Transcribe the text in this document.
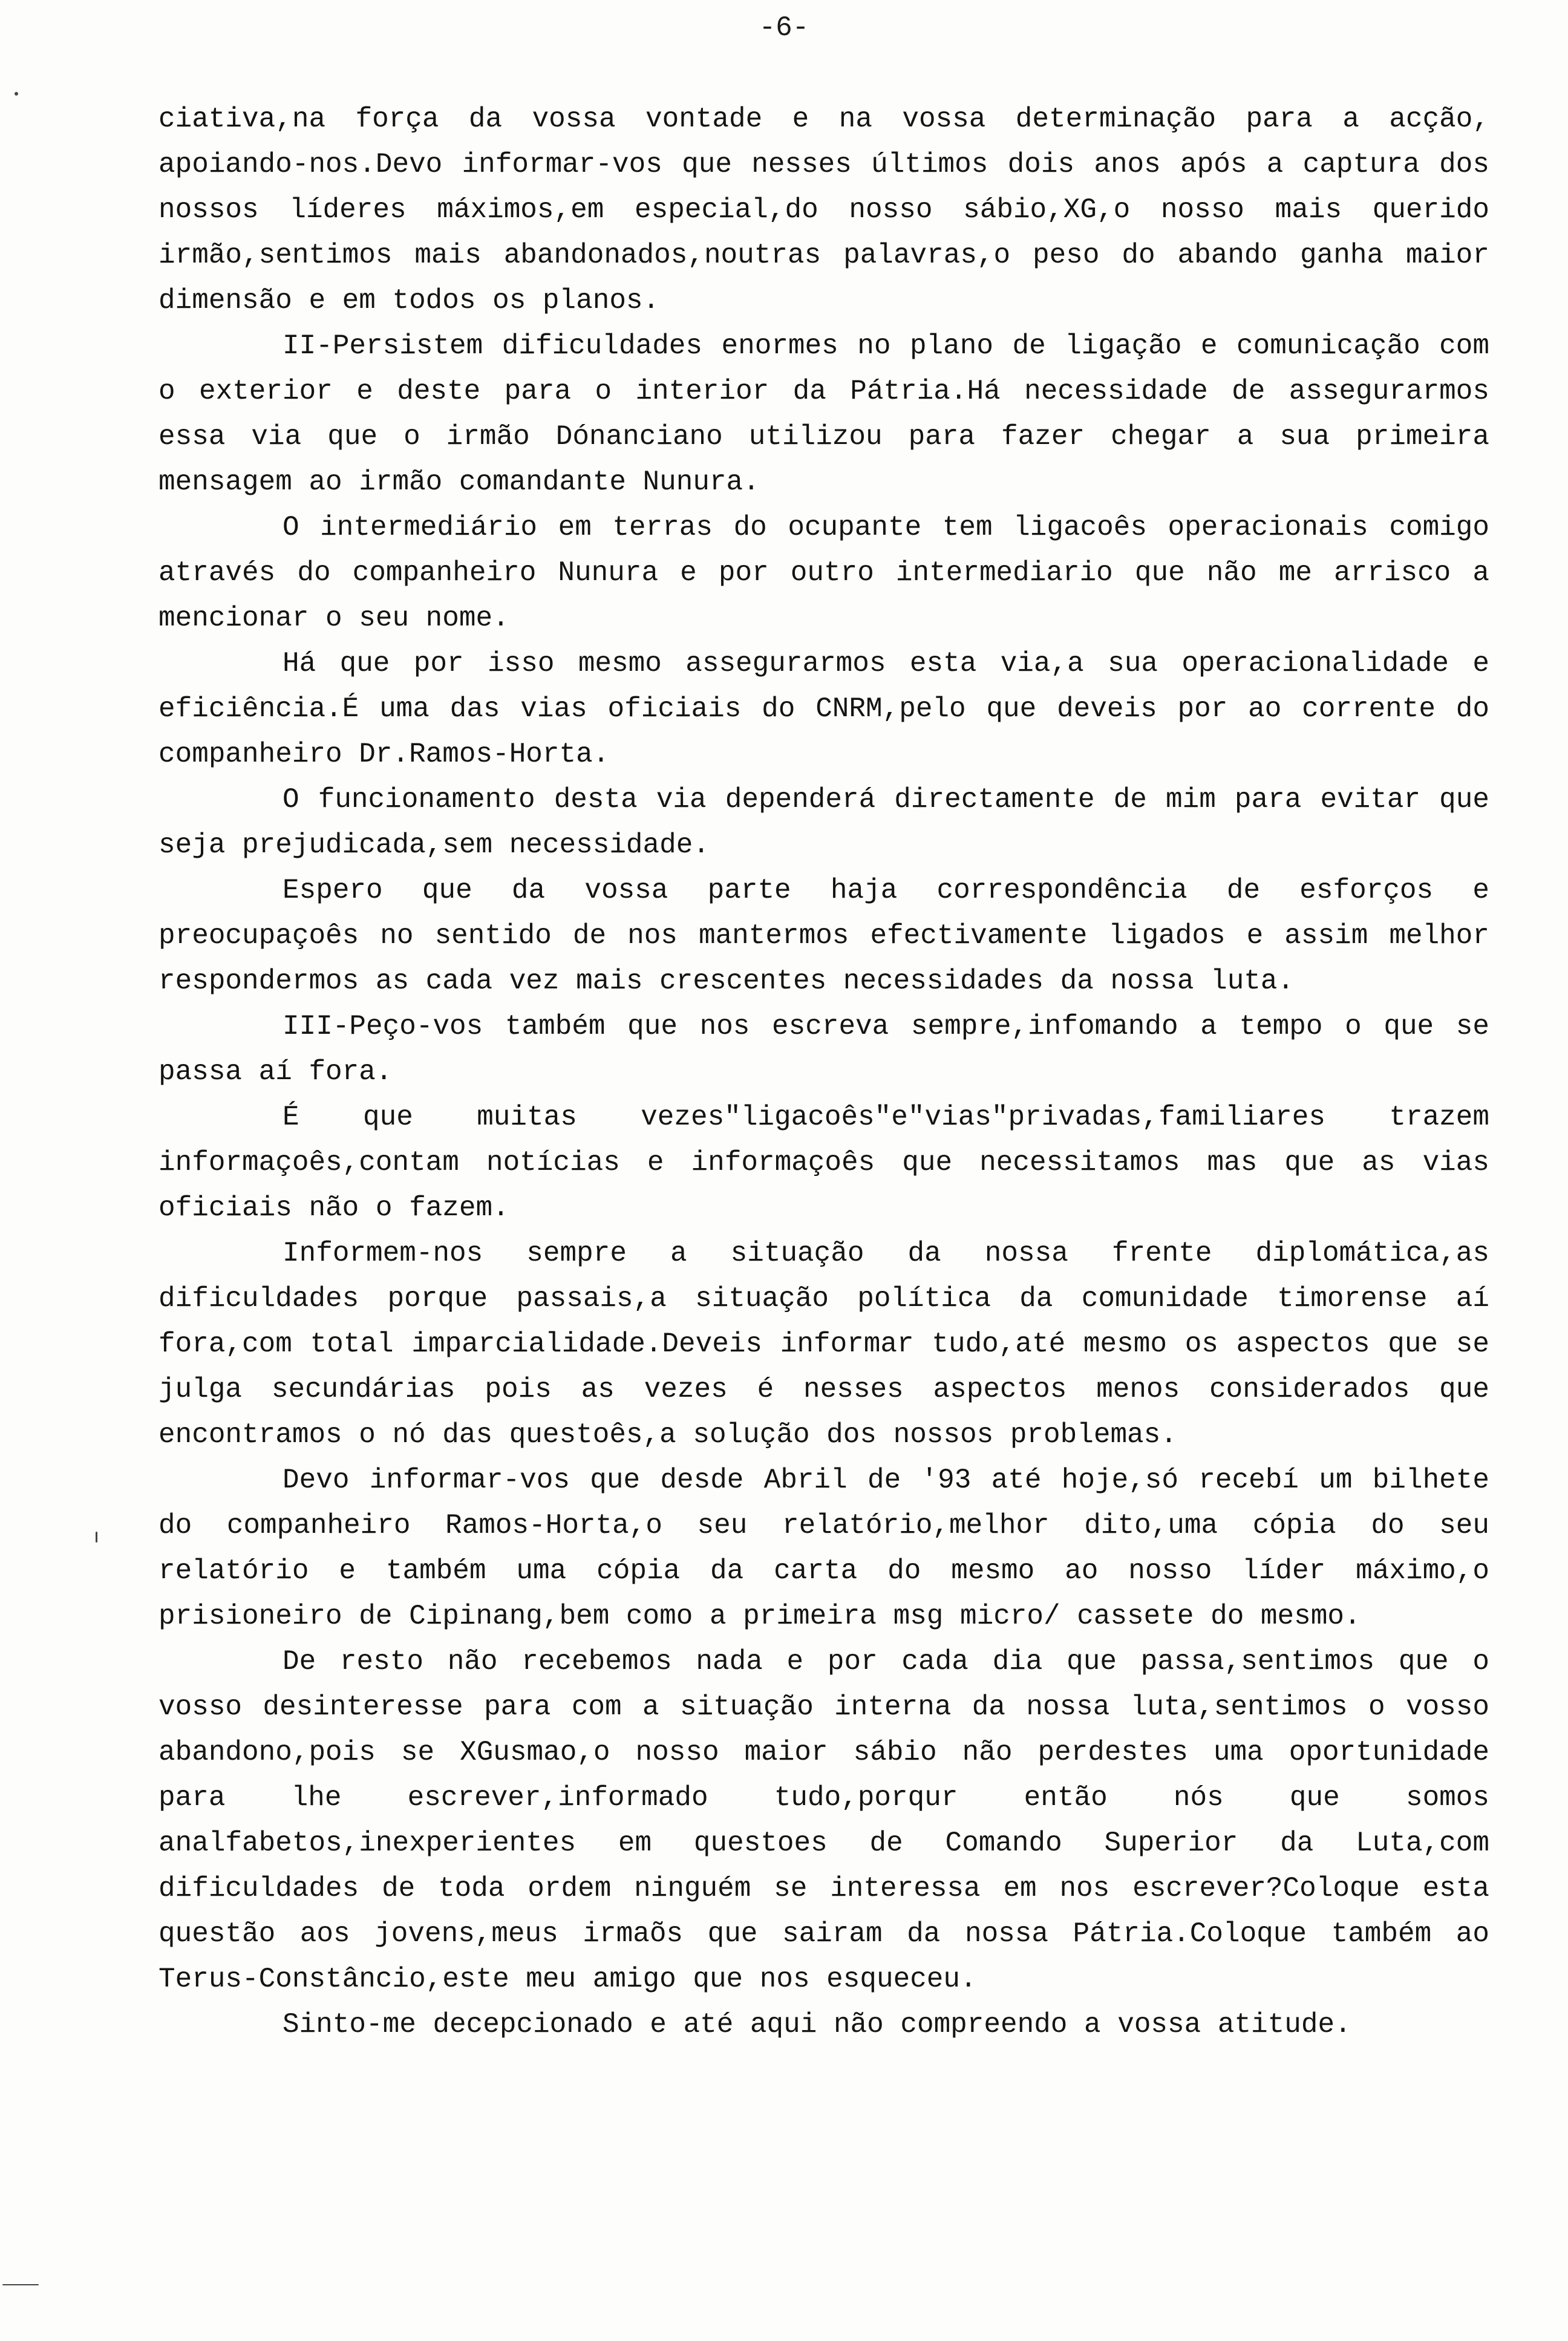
-6-

ciativa,na força da vossa vontade e na vossa determinação para a acção, apoiando-nos.Devo informar-vos que nesses últimos dois anos após a captura dos nossos líderes máximos,em especial,do nosso sábio,XG,o nosso mais querido irmão,sentimos mais abandonados,noutras palavras,o peso do abando ganha maior dimensão e em todos os planos.

II-Persistem dificuldades enormes no plano de ligação e comunicação com o exterior e deste para o interior da Pátria.Há necessidade de assegurarmos essa via que o irmão Dónanciano utilizou para fazer chegar a sua primeira mensagem ao irmão comandante Nunura.

O intermediário em terras do ocupante tem ligacoês operacionais comigo através do companheiro Nunura e por outro intermediario que não me arrisco a mencionar o seu nome.

Há que por isso mesmo assegurarmos esta via,a sua operacionalidade e eficiência.É uma das vias oficiais do CNRM,pelo que deveis por ao corrente do companheiro Dr.Ramos-Horta.

O funcionamento desta via dependerá directamente de mim para evitar que seja prejudicada,sem necessidade.

Espero que da vossa parte haja correspondência de esforços e preocupaçoês no sentido de nos mantermos efectivamente ligados e assim melhor respondermos as cada vez mais crescentes necessidades da nossa luta.

III-Peço-vos também que nos escreva sempre,infomando a tempo o que se passa aí fora.

É que muitas vezes"ligacoês"e"vias"privadas,familiares trazem informaçoês,contam notícias e informaçoês que necessitamos mas que as vias oficiais não o fazem.

Informem-nos sempre a situação da nossa frente diplomática,as dificuldades porque passais,a situação política da comunidade timorense aí fora,com total imparcialidade.Deveis informar tudo,até mesmo os aspectos que se julga secundárias pois as vezes é nesses aspectos menos considerados que encontramos o nó das questoês,a solução dos nossos problemas.

Devo informar-vos que desde Abril de '93 até hoje,só recebí um bilhete do companheiro Ramos-Horta,o seu relatório,melhor dito,uma cópia do seu relatório e também uma cópia da carta do mesmo ao nosso líder máximo,o prisioneiro de Cipinang,bem como a primeira msg micro/ cassete do mesmo.

De resto não recebemos nada e por cada dia que passa,sentimos que o vosso desinteresse para com a situação interna da nossa luta,sentimos o vosso abandono,pois se XGusmao,o nosso maior sábio não perdestes uma oportunidade para lhe escrever,informado tudo,porqur então nós que somos analfabetos,inexperientes em questoes de Comando Superior da Luta,com dificuldades de toda ordem ninguém se interessa em nos escrever?Coloque esta questão aos jovens,meus irmaõs que sairam da nossa Pátria.Coloque também ao Terus-Constâncio,este meu amigo que nos esqueceu.

Sinto-me decepcionado e até aqui não compreendo a vossa atitude.
